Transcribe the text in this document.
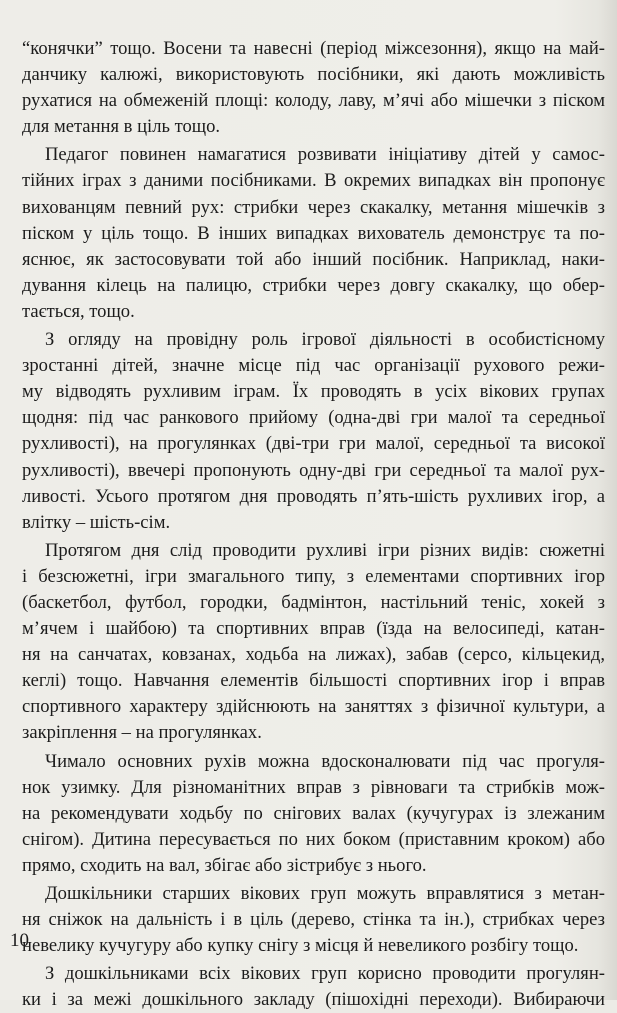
“конячки” тощо. Восени та навесні (період міжсезоння), якщо на май-

данчику калюжі, використовують посібники, які дають можливість

рухатися на обмеженій площі: колоду, лаву, м’ячі або мішечки з піском

для метання в ціль тощо.

Педагог повинен намагатися розвивати ініціативу дітей у самос-

тійних іграх з даними посібниками. В окремих випадках він пропонує

вихованцям певний рух: стрибки через скакалку, метання мішечків з

піском у ціль тощо. В інших випадках вихователь демонструє та по-

яснює, як застосовувати той або інший посібник. Наприклад, наки-

дування кілець на палицю, стрибки через довгу скакалку, що обер-

тається, тощо.

З огляду на провідну роль ігрової діяльності в особистісному

зростанні дітей, значне місце під час організації рухового режи-

му відводять рухливим іграм. Їх проводять в усіх вікових групах

щодня: під час ранкового прийому (одна-дві гри малої та середньої

рухливості), на прогулянках (дві-три гри малої, середньої та високої

рухливості), ввечері пропонують одну-дві гри середньої та малої рух-

ливості. Усього протягом дня проводять п’ять-шість рухливих ігор, а

влітку – шість-сім.

Протягом дня слід проводити рухливі ігри різних видів: сюжетні

і безсюжетні, ігри змагального типу, з елементами спортивних ігор

(баскетбол, футбол, городки, бадмінтон, настільний теніс, хокей з

м’ячем і шайбою) та спортивних вправ (їзда на велосипеді, катан-

ня на санчатах, ковзанах, ходьба на лижах), забав (серсо, кільцекид,

кеглі) тощо. Навчання елементів більшості спортивних ігор і вправ

спортивного характеру здійснюють на заняттях з фізичної культури, а

закріплення – на прогулянках.

Чимало основних рухів можна вдосконалювати під час прогуля-

нок узимку. Для різноманітних вправ з рівноваги та стрибків мож-

на рекомендувати ходьбу по снігових валах (кучугурах із злежаним

снігом). Дитина пересувається по них боком (приставним кроком) або

прямо, сходить на вал, збігає або зістрибує з нього.

Дошкільники старших вікових груп можуть вправлятися з метан-

ня сніжок на дальність і в ціль (дерево, стінка та ін.), стрибках через

невелику кучугуру або купку снігу з місця й невеликого розбігу тощо.

З дошкільниками всіх вікових груп корисно проводити прогулян-

ки і за межі дошкільного закладу (пішохідні переходи). Вибираючи

10
